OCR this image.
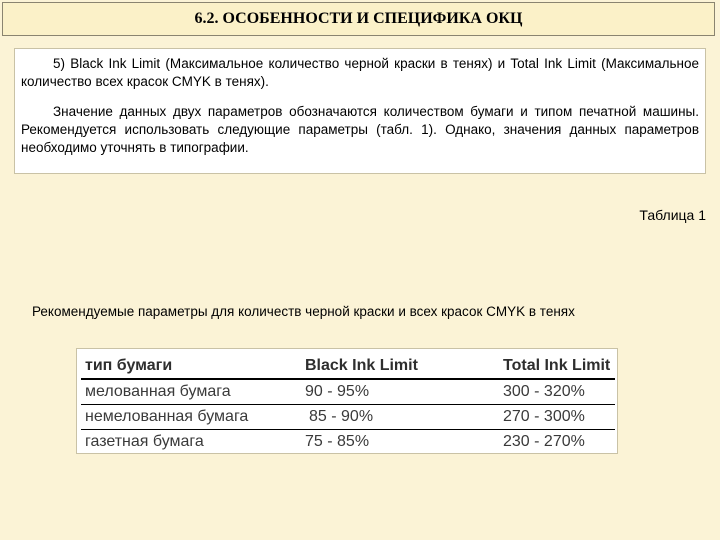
6.2. ОСОБЕННОСТИ И СПЕЦИФИКА ОКЦ

5) Black Ink Limit (Максимальное количество черной краски в тенях) и Total Ink Limit (Максимальное количество всех красок CMYK в тенях).

Значение данных двух параметров обозначаются количеством бумаги и типом печатной машины. Рекомендуется использовать следующие параметры (табл. 1). Однако, значения данных параметров необходимо уточнять в типографии.

Таблица 1
Рекомендуемые параметры для количеств черной краски и всех красок CMYK в тенях
тип бумаги	Black Ink Limit	Total Ink Limit
мелованная бумага	90 - 95%	300 - 320%
немелованная бумага	85 - 90%	270 - 300%
газетная бумага	75 - 85%	230 - 270%
